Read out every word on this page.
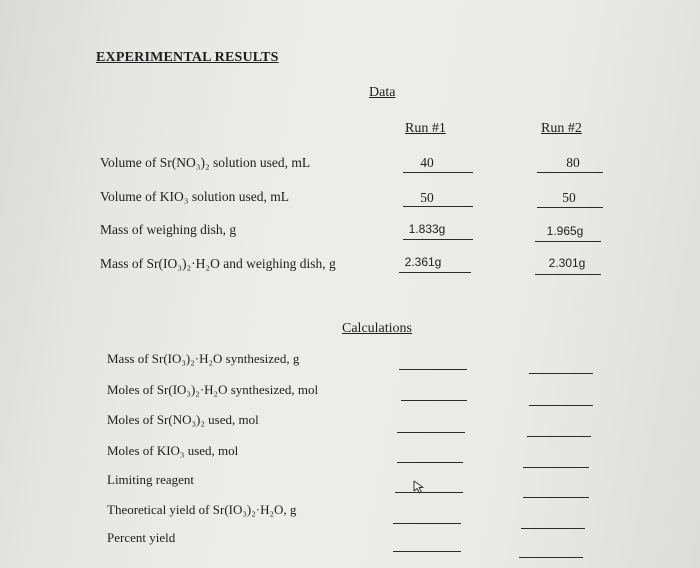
EXPERIMENTAL RESULTS
Data
Run #1	Run #2
Volume of Sr(NO₃)₂ solution used, mL	40	80
Volume of KIO₃ solution used, mL	50	50
Mass of weighing dish, g	1.833g	1.965g
Mass of Sr(IO₃)₂·H₂O and weighing dish, g	2.361g	2.301g
Calculations
Mass of Sr(IO₃)₂·H₂O synthesized, g
Moles of Sr(IO₃)₂·H₂O synthesized, mol
Moles of Sr(NO₃)₂ used, mol
Moles of KIO₃ used, mol
Limiting reagent
Theoretical yield of Sr(IO₃)₂·H₂O, g
Percent yield
